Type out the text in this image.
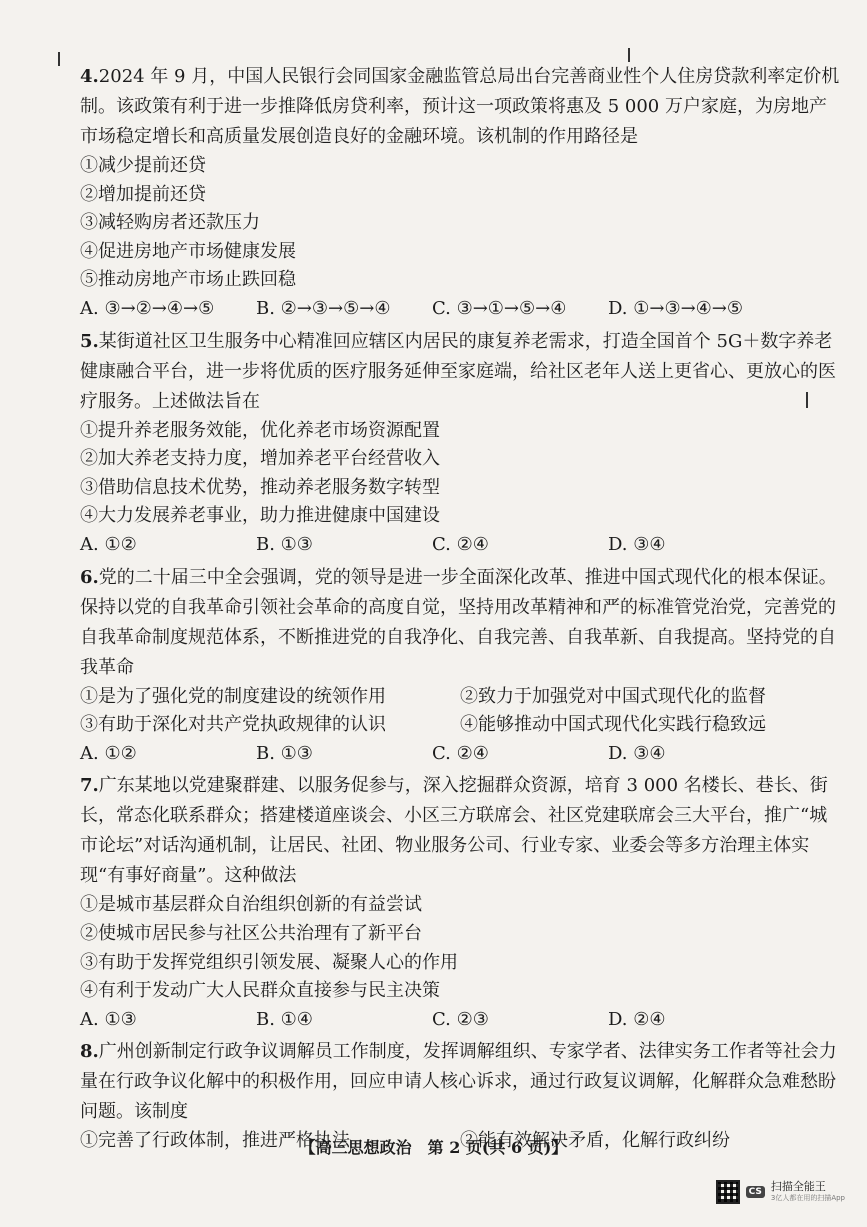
4.2024 年 9 月，中国人民银行会同国家金融监管总局出台完善商业性个人住房贷款利率定价机制。该政策有利于进一步推降低房贷利率，预计这一项政策将惠及 5 000 万户家庭，为房地产市场稳定增长和高质量发展创造良好的金融环境。该机制的作用路径是

①减少提前还贷

②增加提前还贷

③减轻购房者还款压力

④促进房地产市场健康发展

⑤推动房地产市场止跌回稳

A. ③→②→④→⑤	B. ②→③→⑤→④	C. ③→①→⑤→④	D. ①→③→④→⑤

5.某街道社区卫生服务中心精准回应辖区内居民的康复养老需求，打造全国首个 5G＋数字养老健康融合平台，进一步将优质的医疗服务延伸至家庭端，给社区老年人送上更省心、更放心的医疗服务。上述做法旨在

①提升养老服务效能，优化养老市场资源配置

②加大养老支持力度，增加养老平台经营收入

③借助信息技术优势，推动养老服务数字转型

④大力发展养老事业，助力推进健康中国建设

A. ①②	B. ①③	C. ②④	D. ③④

6.党的二十届三中全会强调，党的领导是进一步全面深化改革、推进中国式现代化的根本保证。保持以党的自我革命引领社会革命的高度自觉，坚持用改革精神和严的标准管党治党，完善党的自我革命制度规范体系，不断推进党的自我净化、自我完善、自我革新、自我提高。坚持党的自我革命

①是为了强化党的制度建设的统领作用	②致力于加强党对中国式现代化的监督

③有助于深化对共产党执政规律的认识	④能够推动中国式现代化实践行稳致远

A. ①②	B. ①③	C. ②④	D. ③④

7.广东某地以党建聚群建、以服务促参与，深入挖掘群众资源，培育 3 000 名楼长、巷长、街长，常态化联系群众；搭建楼道座谈会、小区三方联席会、社区党建联席会三大平台，推广“城市论坛”对话沟通机制，让居民、社团、物业服务公司、行业专家、业委会等多方治理主体实现“有事好商量”。这种做法

①是城市基层群众自治组织创新的有益尝试

②使城市居民参与社区公共治理有了新平台

③有助于发挥党组织引领发展、凝聚人心的作用

④有利于发动广大人民群众直接参与民主决策

A. ①③	B. ①④	C. ②③	D. ②④

8.广州创新制定行政争议调解员工作制度，发挥调解组织、专家学者、法律实务工作者等社会力量在行政争议化解中的积极作用，回应申请人核心诉求，通过行政复议调解，化解群众急难愁盼问题。该制度

①完善了行政体制，推进严格执法	②能有效解决矛盾，化解行政纠纷

【高三思想政治　第 2 页(共 6 页)】
CS 扫描全能王
3亿人都在用的扫描App
